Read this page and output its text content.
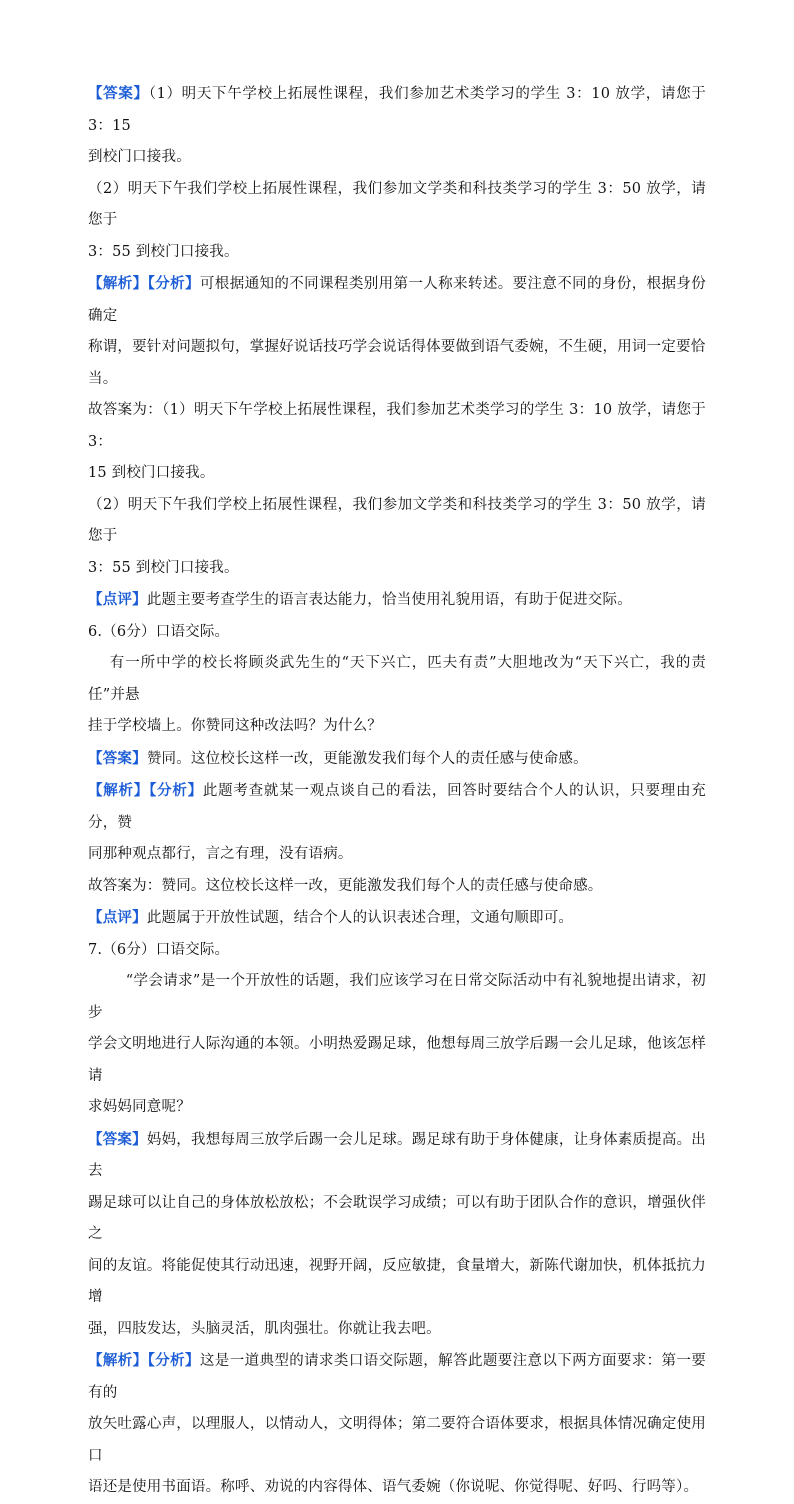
【答案】（1）明天下午学校上拓展性课程，我们参加艺术类学习的学生 3：10 放学，请您于 3：15

到校门口接我。

（2）明天下午我们学校上拓展性课程，我们参加文学类和科技类学习的学生 3：50 放学，请您于

3：55 到校门口接我。

【解析】【分析】可根据通知的不同课程类别用第一人称来转述。要注意不同的身份，根据身份确定

称谓，要针对问题拟句，掌握好说话技巧学会说话得体要做到语气委婉，不生硬，用词一定要恰

当。

故答案为：（1）明天下午学校上拓展性课程，我们参加艺术类学习的学生 3：10 放学，请您于 3：

15 到校门口接我。

（2）明天下午我们学校上拓展性课程，我们参加文学类和科技类学习的学生 3：50 放学，请您于

3：55 到校门口接我。

【点评】此题主要考查学生的语言表达能力，恰当使用礼貌用语，有助于促进交际。

6.（6分）口语交际。

有一所中学的校长将顾炎武先生的“天下兴亡，匹夫有责”大胆地改为“天下兴亡，我的责任”并悬

挂于学校墙上。你赞同这种改法吗？为什么？

【答案】赞同。这位校长这样一改，更能激发我们每个人的责任感与使命感。

【解析】【分析】此题考查就某一观点谈自己的看法，回答时要结合个人的认识，只要理由充分，赞

同那种观点都行，言之有理，没有语病。

故答案为：赞同。这位校长这样一改，更能激发我们每个人的责任感与使命感。

【点评】此题属于开放性试题，结合个人的认识表述合理，文通句顺即可。

7.（6分）口语交际。

“学会请求”是一个开放性的话题，我们应该学习在日常交际活动中有礼貌地提出请求，初步

学会文明地进行人际沟通的本领。小明热爱踢足球，他想每周三放学后踢一会儿足球，他该怎样请

求妈妈同意呢？

【答案】妈妈，我想每周三放学后踢一会儿足球。踢足球有助于身体健康，让身体素质提高。出去

踢足球可以让自己的身体放松放松；不会耽误学习成绩；可以有助于团队合作的意识，增强伙伴之

间的友谊。将能促使其行动迅速，视野开阔，反应敏捷，食量增大，新陈代谢加快，机体抵抗力增

强，四肢发达，头脑灵活，肌肉强壮。你就让我去吧。

【解析】【分析】这是一道典型的请求类口语交际题，解答此题要注意以下两方面要求：第一要有的

放矢吐露心声，以理服人，以情动人，文明得体；第二要符合语体要求，根据具体情况确定使用口

语还是使用书面语。称呼、劝说的内容得体、语气委婉（你说呢、你觉得呢、好吗、行吗等）。
